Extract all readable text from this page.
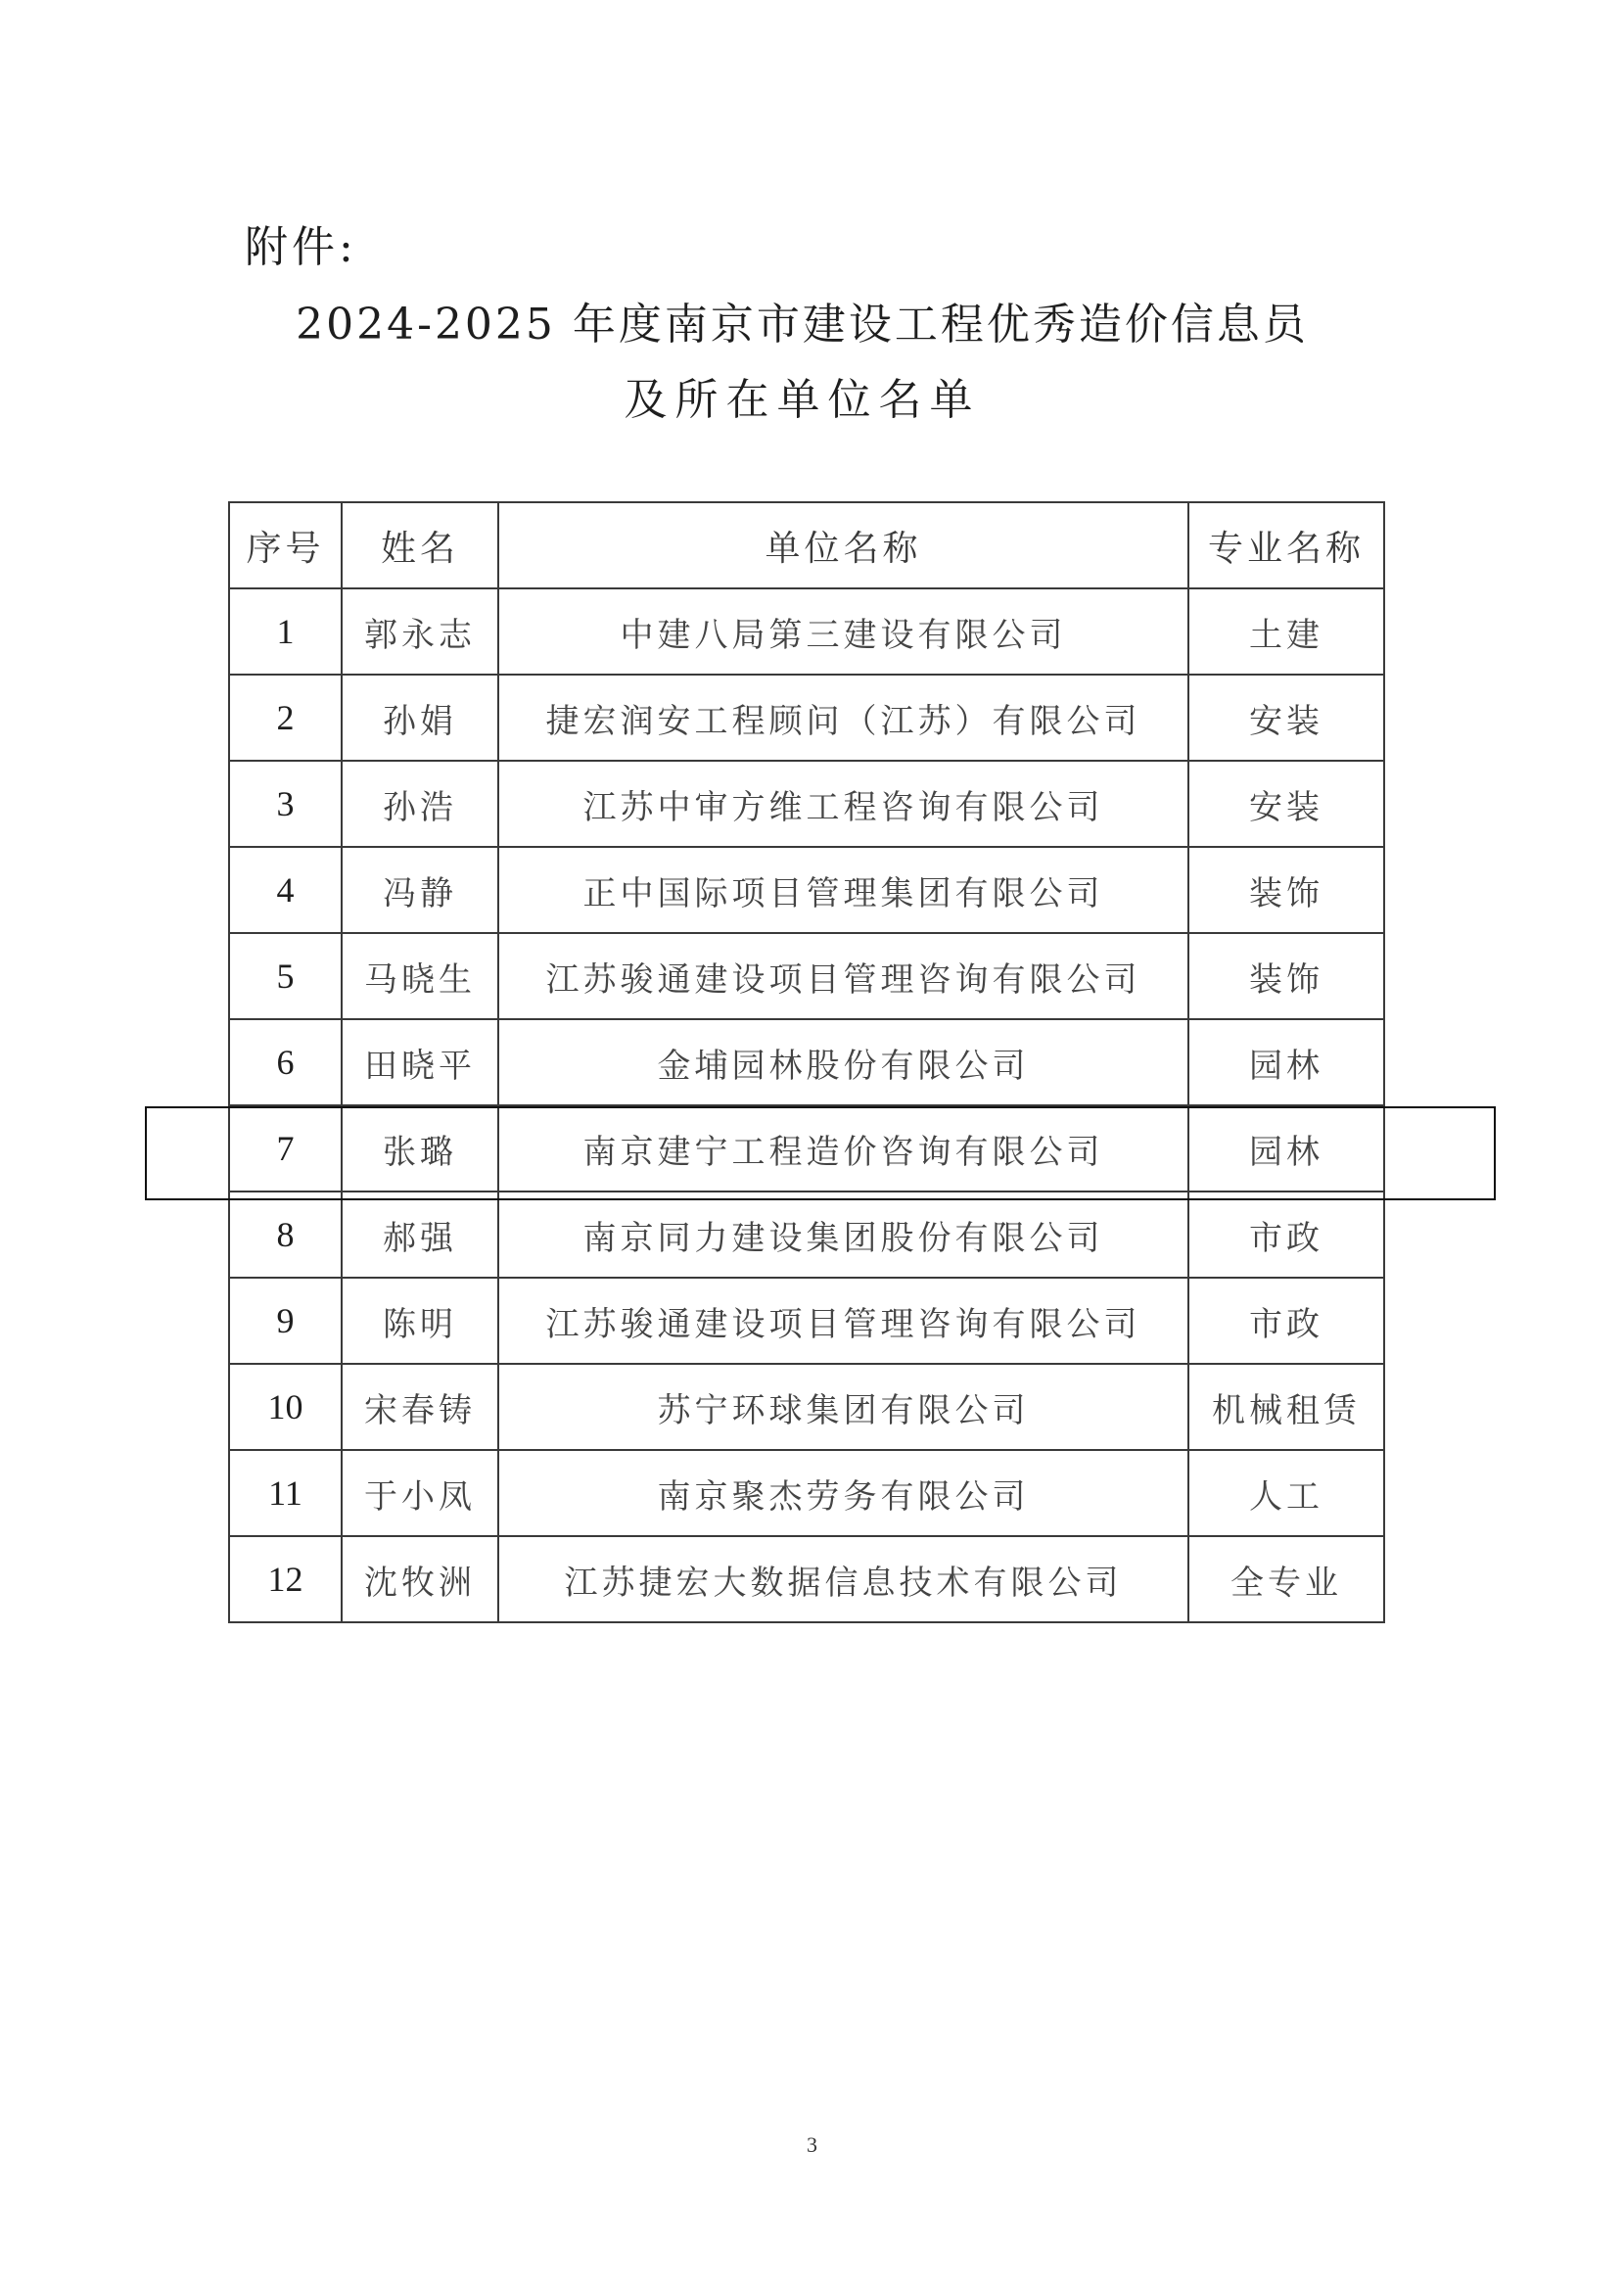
附件:
2024-2025 年度南京市建设工程优秀造价信息员
及所在单位名单
序号	姓名	单位名称	专业名称
1	郭永志	中建八局第三建设有限公司	土建
2	孙娟	捷宏润安工程顾问（江苏）有限公司	安装
3	孙浩	江苏中审方维工程咨询有限公司	安装
4	冯静	正中国际项目管理集团有限公司	装饰
5	马晓生	江苏骏通建设项目管理咨询有限公司	装饰
6	田晓平	金埔园林股份有限公司	园林
7	张璐	南京建宁工程造价咨询有限公司	园林
8	郝强	南京同力建设集团股份有限公司	市政
9	陈明	江苏骏通建设项目管理咨询有限公司	市政
10	宋春铸	苏宁环球集团有限公司	机械租赁
11	于小凤	南京聚杰劳务有限公司	人工
12	沈牧洲	江苏捷宏大数据信息技术有限公司	全专业
3
